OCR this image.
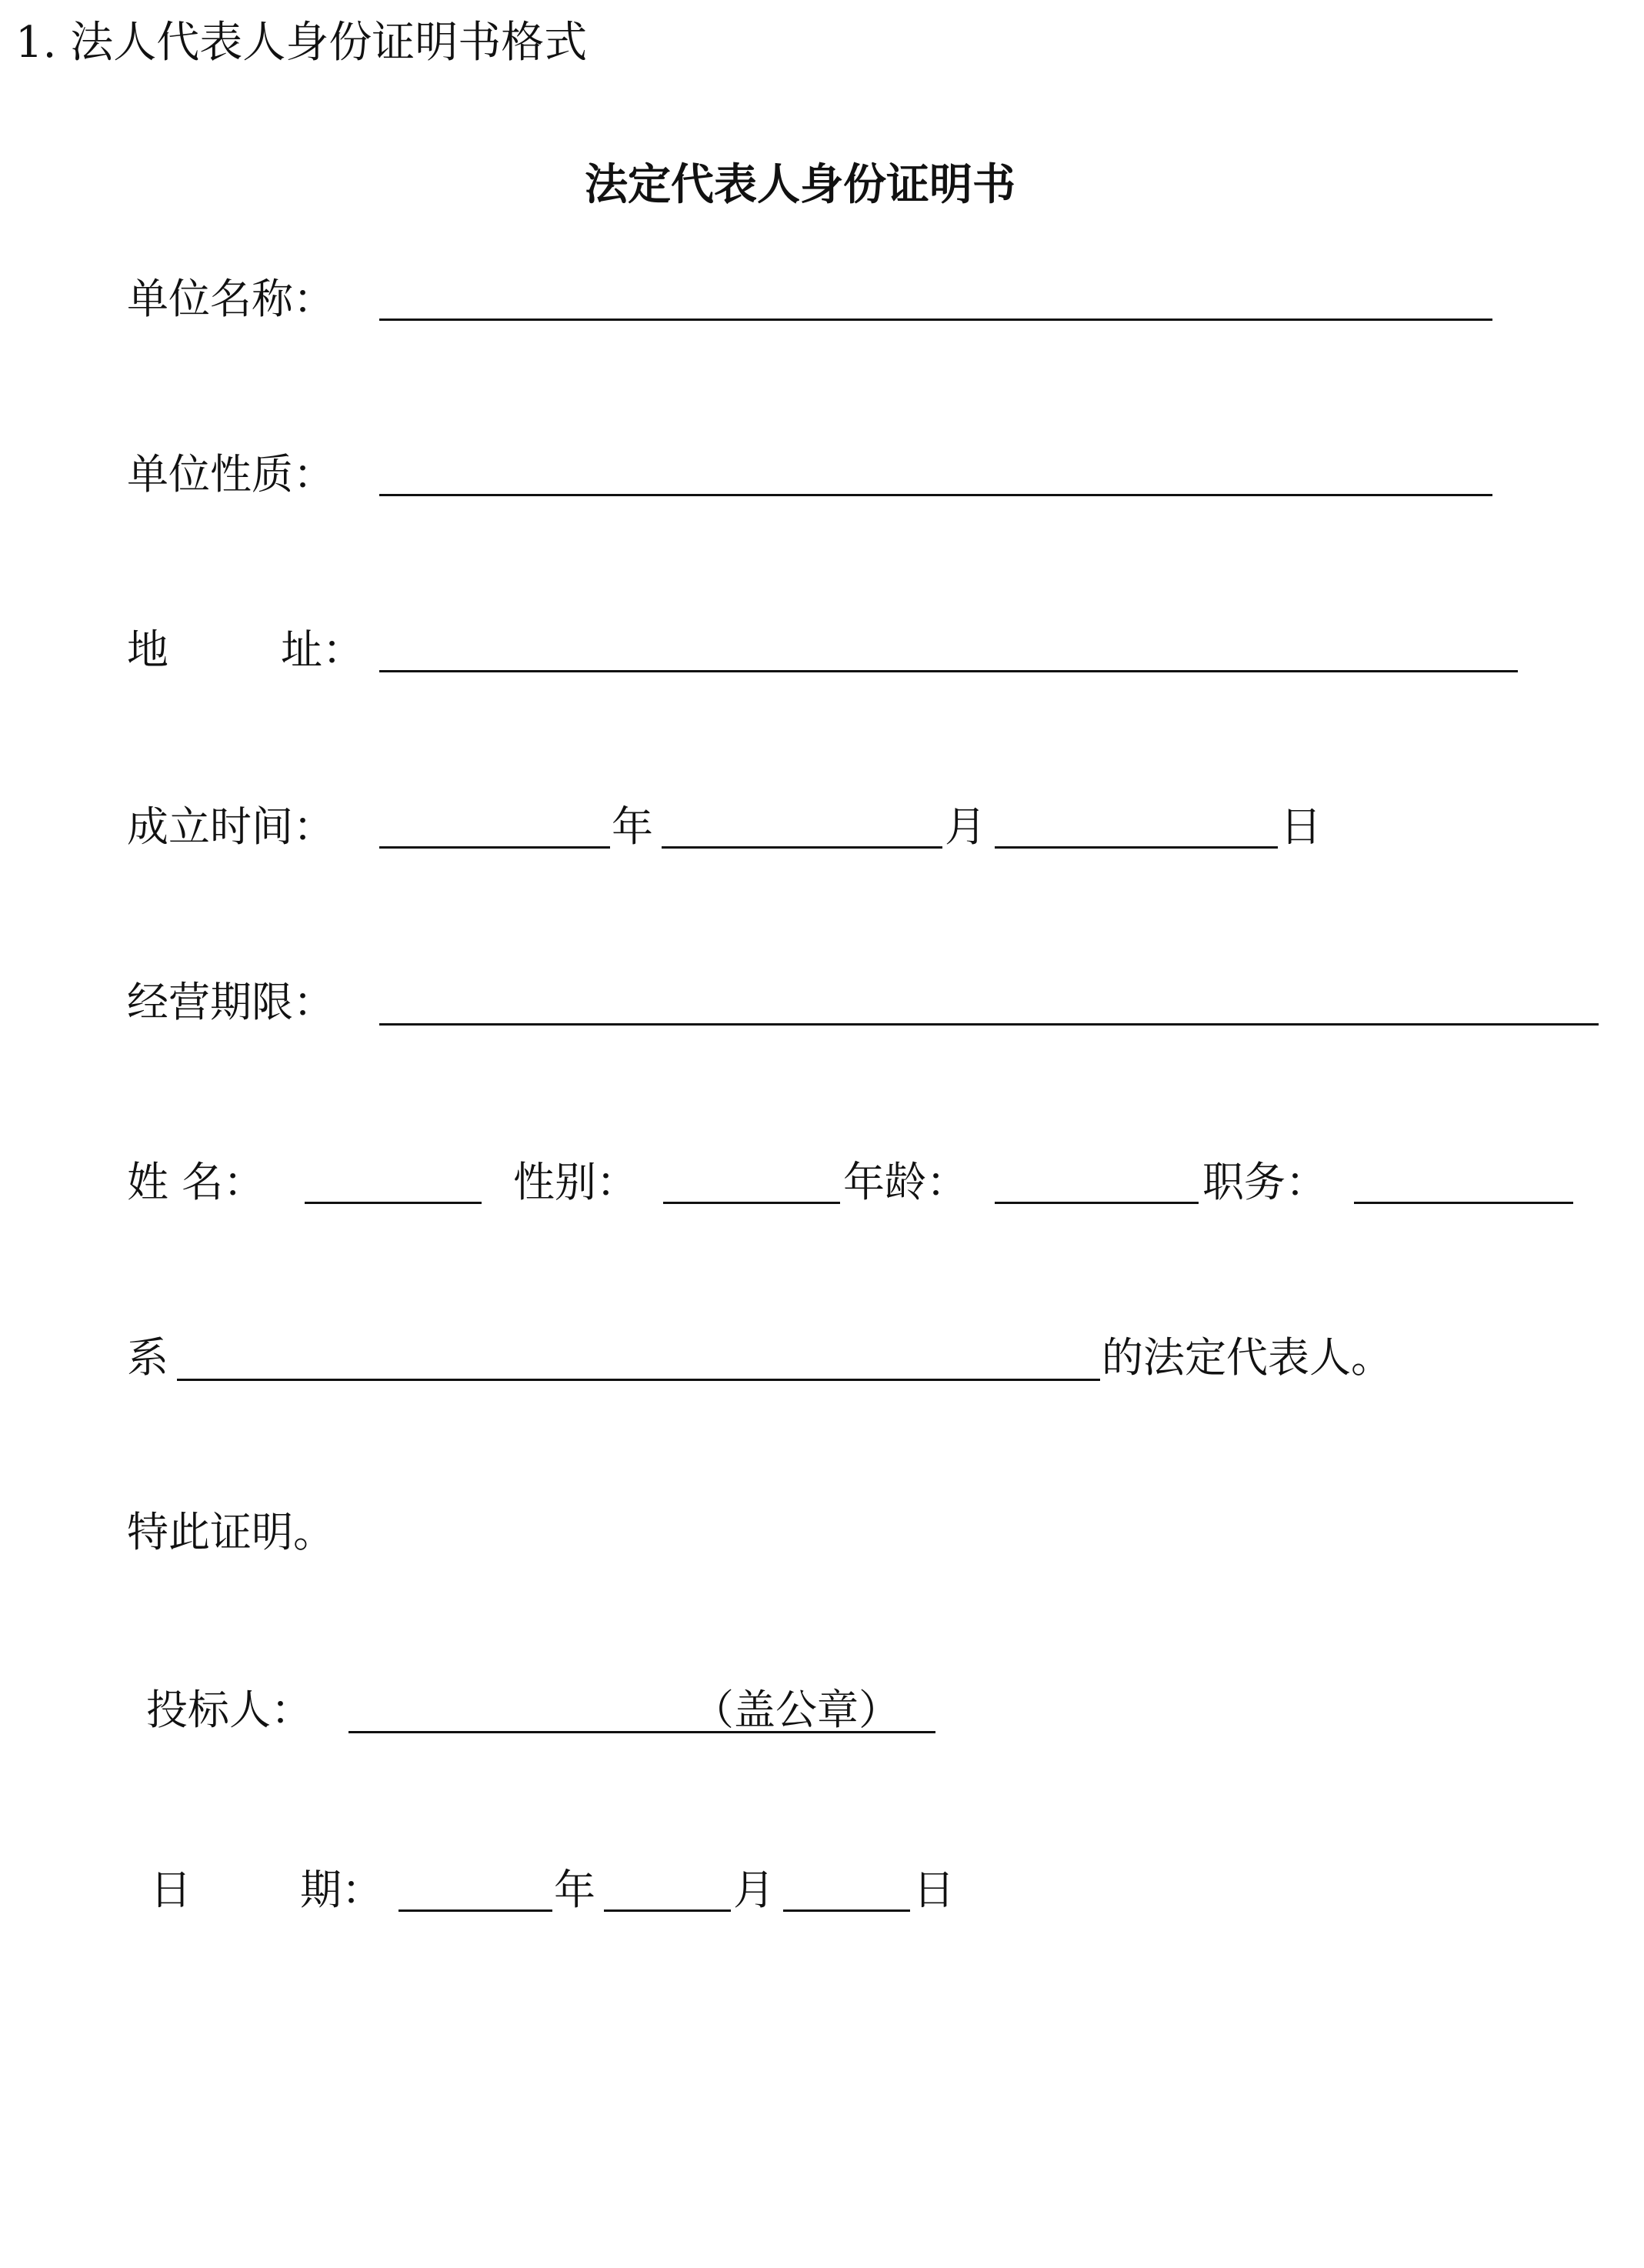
1. 法人代表人身份证明书格式
法定代表人身份证明书
单位名称：
单位性质：
地	址：
成立时间：	年	月	日
经营期限：
姓 名：	性别：	年龄：	职务：
系	的法定代表人。
特此证明。
投标人：	（盖公章）
日	期：	年	月	日
